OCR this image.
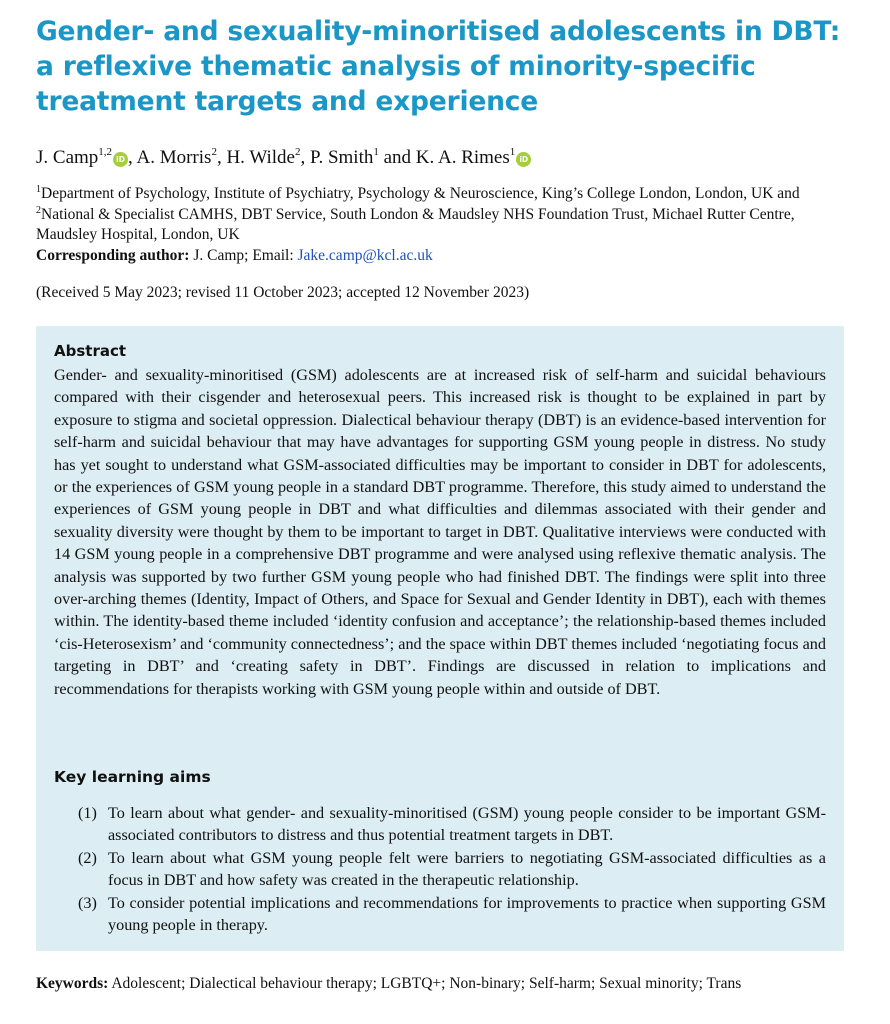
Gender- and sexuality-minoritised adolescents in DBT:
a reflexive thematic analysis of minority-specific
treatment targets and experience
J. Camp$^{1,2}$iD , A. Morris$^2$, H. Wilde$^2$, P. Smith$^1$ and K. A. Rimes$^1$iD
$^1$Department of Psychology, Institute of Psychiatry, Psychology & Neuroscience, King’s College London, London, UK and
$^2$National & Specialist CAMHS, DBT Service, South London & Maudsley NHS Foundation Trust, Michael Rutter Centre,
Maudsley Hospital, London, UK
Corresponding author: J. Camp; Email: Jake.camp@kcl.ac.uk
(Received 5 May 2023; revised 11 October 2023; accepted 12 November 2023)
Abstract
Gender- and sexuality-minoritised (GSM) adolescents are at increased risk of self-harm and suicidal behaviours compared with their cisgender and heterosexual peers. This increased risk is thought to be explained in part by exposure to stigma and societal oppression. Dialectical behaviour therapy (DBT) is an evidence-based intervention for self-harm and suicidal behaviour that may have advantages for supporting GSM young people in distress. No study has yet sought to understand what GSM-associated difficulties may be important to consider in DBT for adolescents, or the experiences of GSM young people in a standard DBT programme. Therefore, this study aimed to understand the experiences of GSM young people in DBT and what difficulties and dilemmas associated with their gender and sexuality diversity were thought by them to be important to target in DBT. Qualitative interviews were conducted with 14 GSM young people in a comprehensive DBT programme and were analysed using reflexive thematic analysis. The analysis was supported by two further GSM young people who had finished DBT. The findings were split into three over-arching themes (Identity, Impact of Others, and Space for Sexual and Gender Identity in DBT), each with themes within. The identity-based theme included ‘identity confusion and acceptance’; the relationship-based themes included ‘cis-Heterosexism’ and ‘community connectedness’; and the space within DBT themes included ‘negotiating focus and targeting in DBT’ and ‘creating safety in DBT’. Findings are discussed in relation to implications and recommendations for therapists working with GSM young people within and outside of DBT.
Key learning aims
(1) To learn about what gender- and sexuality-minoritised (GSM) young people consider to be important GSM-associated contributors to distress and thus potential treatment targets in DBT.
(2) To learn about what GSM young people felt were barriers to negotiating GSM-associated difficulties as a focus in DBT and how safety was created in the therapeutic relationship.
(3) To consider potential implications and recommendations for improvements to practice when supporting GSM young people in therapy.
Keywords: Adolescent; Dialectical behaviour therapy; LGBTQ+; Non-binary; Self-harm; Sexual minority; Trans
